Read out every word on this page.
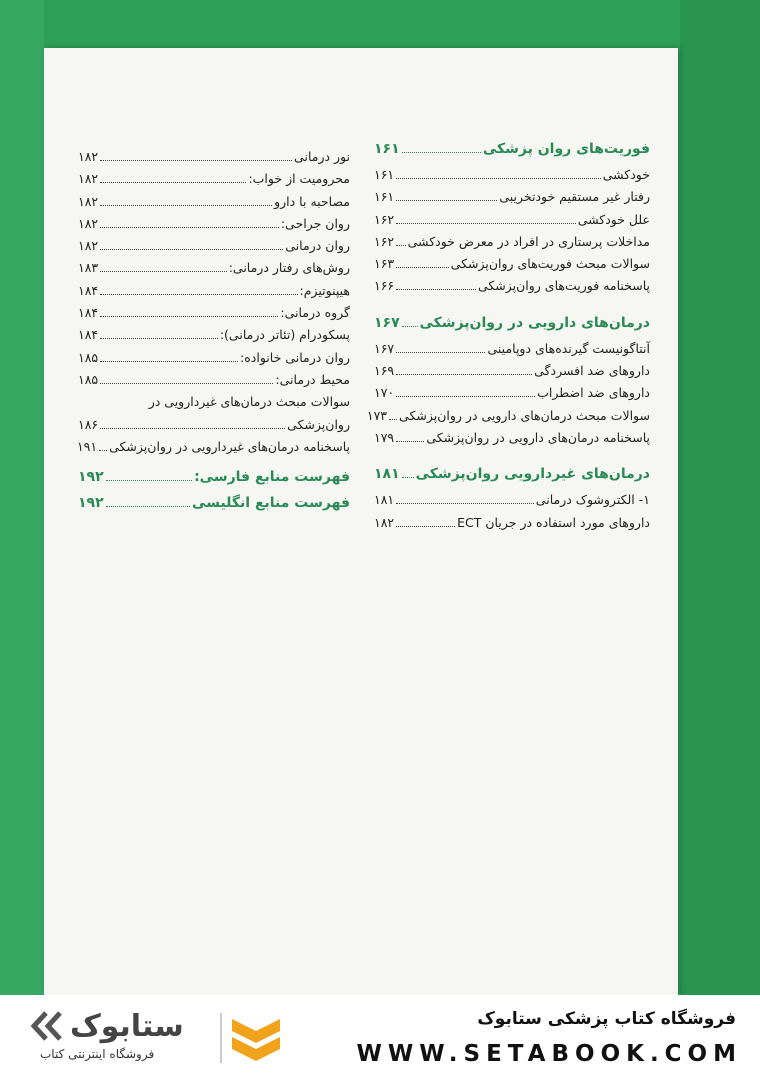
فوریت‌های روان پزشکی
۱۶۱
خودکشی
۱۶۱
رفتار غیر مستقیم خودتخریبی
۱۶۱
علل خودکشی
۱۶۲
مداخلات پرستاری در افراد در معرض خودکشی
۱۶۲
سوالات مبحث فوریت‌های روان‌پزشکی
۱۶۳
پاسخنامه فوریت‌های روان‌پزشکی
۱۶۶
درمان‌های دارویی در روان‌پزشکی
۱۶۷
آنتاگونیست گیرنده‌های دوپامینی
۱۶۷
داروهای ضد افسردگی
۱۶۹
داروهای ضد اضطراب
۱۷۰
سوالات مبحث درمان‌های دارویی در روان‌پزشکی
۱۷۳
پاسخنامه درمان‌های دارویی در روان‌پزشکی
۱۷۹
درمان‌های غیردارویی روان‌پزشکی
۱۸۱
۱- الکتروشوک درمانی
۱۸۱
داروهای مورد استفاده در جریان ECT
۱۸۲
نور درمانی
۱۸۲
محرومیت از خواب:
۱۸۲
مصاحبه با دارو
۱۸۲
روان جراحی:
۱۸۲
روان درمانی
۱۸۲
روش‌های رفتار درمانی:
۱۸۳
هیپنوتیزم:
۱۸۴
گروه درمانی:
۱۸۴
پسکودرام (تئاتر درمانی):
۱۸۴
روان درمانی خانواده:
۱۸۵
محیط درمانی:
۱۸۵
سوالات مبحث درمان‌های غیردارویی در
روان‌پزشکی
۱۸۶
پاسخنامه درمان‌های غیردارویی در روان‌پزشکی
۱۹۱
فهرست منابع فارسی:
۱۹۲
فهرست منابع انگلیسی
۱۹۲
فروشگاه کتاب پزشکی ستابوک
WWW.SETABOOK.COM
ستابوک
فروشگاه اینترنتی کتاب
